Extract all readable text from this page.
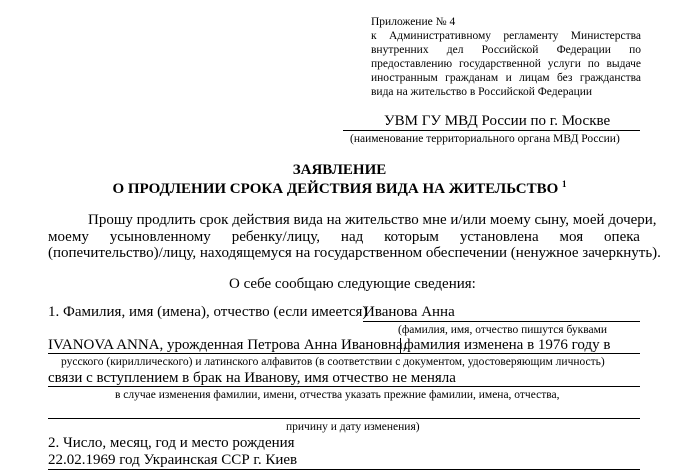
Приложение № 4
к Административному регламенту Министерства
внутренних дел Российской Федерации по
предоставлению государственной услуги по выдаче
иностранным гражданам и лицам без гражданства
вида на жительство в Российской Федерации
УВМ ГУ МВД России по г. Москве
(наименование территориального органа МВД России)
ЗАЯВЛЕНИЕ
О ПРОДЛЕНИИ СРОКА ДЕЙСТВИЯ ВИДА НА ЖИТЕЛЬСТВО $^1$
Прошу продлить срок действия вида на жительство мне и/или моему сыну, моей дочери,
моему усыновленному ребенку/лицу, над которым установлена моя опека
(попечительство)/лицу, находящемуся на государственном обеспечении (ненужное зачеркнуть).
О себе сообщаю следующие сведения:
1. Фамилия, имя (имена), отчество (если имеется)
Иванова Анна
(фамилия, имя, отчество пишутся буквами
IVANOVA ANNA, урожденная Петрова Анна Ивановна,
фамилия изменена в 1976 году в
русского (кириллического) и латинского алфавитов (в соответствии с документом, удостоверяющим личность)
связи с вступлением в брак на Иванову, имя отчество не меняла
в случае изменения фамилии, имени, отчества указать прежние фамилии, имена, отчества,
причину и дату изменения)
2. Число, месяц, год и место рождения
22.02.1969 год Украинская ССР г. Киев
